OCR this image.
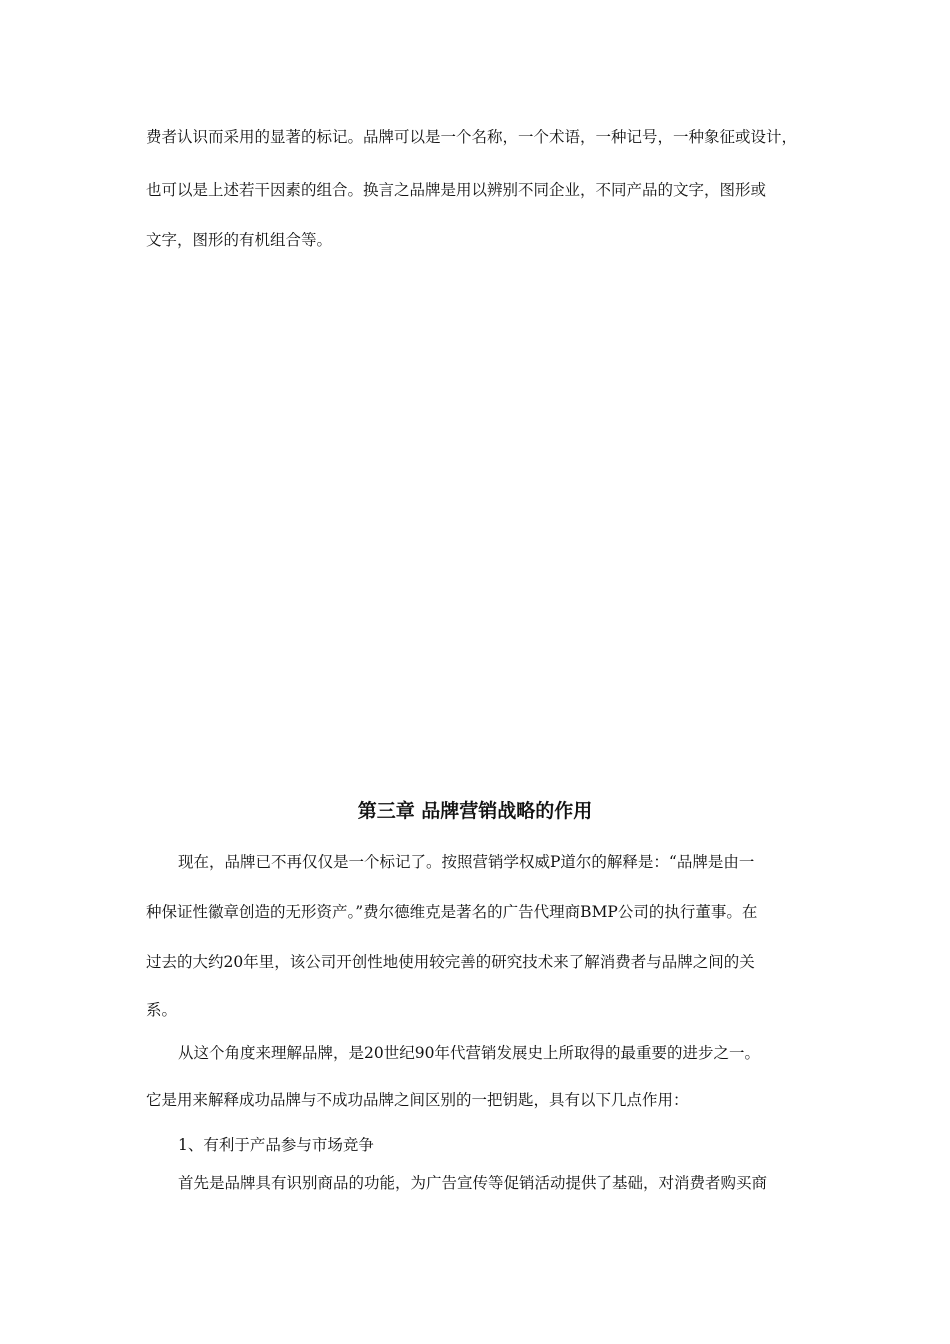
费者认识而采用的显著的标记。品牌可以是一个名称，一个术语，一种记号，一种象征或设计，
也可以是上述若干因素的组合。换言之品牌是用以辨别不同企业，不同产品的文字，图形或
文字，图形的有机组合等。
第三章 品牌营销战略的作用
现在，品牌已不再仅仅是一个标记了。按照营销学权威P道尔的解释是：“品牌是由一
种保证性徽章创造的无形资产。”费尔德维克是著名的广告代理商BMP公司的执行董事。在
过去的大约20年里，该公司开创性地使用较完善的研究技术来了解消费者与品牌之间的关
系。
从这个角度来理解品牌，是20世纪90年代营销发展史上所取得的最重要的进步之一。
它是用来解释成功品牌与不成功品牌之间区别的一把钥匙，具有以下几点作用：
1、有利于产品参与市场竞争
首先是品牌具有识别商品的功能，为广告宣传等促销活动提供了基础，对消费者购买商
